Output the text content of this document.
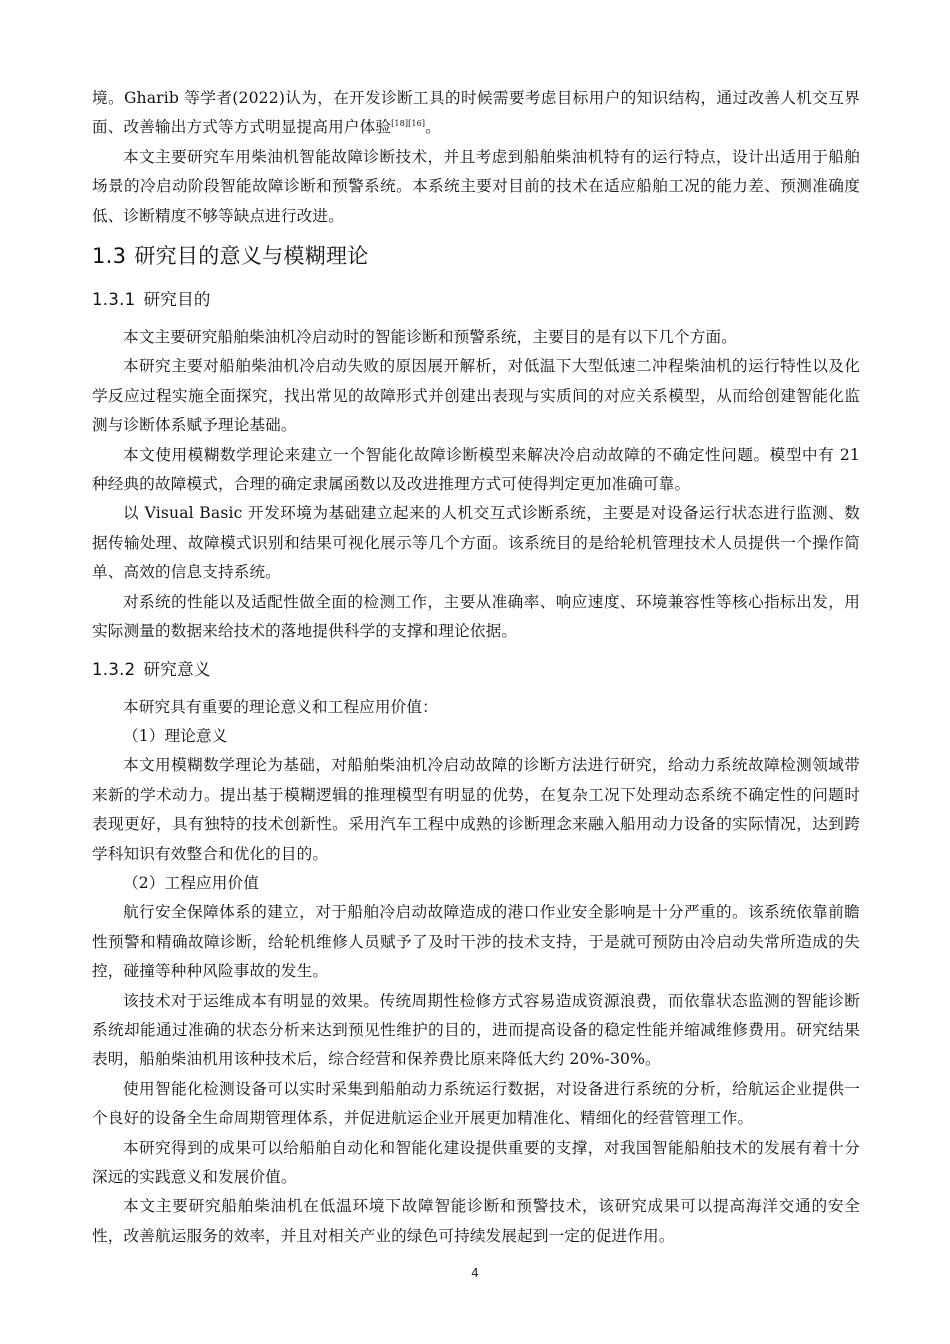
境。Gharib 等学者(2022)认为，在开发诊断工具的时候需要考虑目标用户的知识结构，通过改善人机交互界面、改善输出方式等方式明显提高用户体验[18][16]。

本文主要研究车用柴油机智能故障诊断技术，并且考虑到船舶柴油机特有的运行特点，设计出适用于船舶场景的冷启动阶段智能故障诊断和预警系统。本系统主要对目前的技术在适应船舶工况的能力差、预测准确度低、诊断精度不够等缺点进行改进。

1.3 研究目的意义与模糊理论
1.3.1 研究目的

本文主要研究船舶柴油机冷启动时的智能诊断和预警系统，主要目的是有以下几个方面。

本研究主要对船舶柴油机冷启动失败的原因展开解析，对低温下大型低速二冲程柴油机的运行特性以及化学反应过程实施全面探究，找出常见的故障形式并创建出表现与实质间的对应关系模型，从而给创建智能化监测与诊断体系赋予理论基础。

本文使用模糊数学理论来建立一个智能化故障诊断模型来解决冷启动故障的不确定性问题。模型中有 21 种经典的故障模式，合理的确定隶属函数以及改进推理方式可使得判定更加准确可靠。

以 Visual Basic 开发环境为基础建立起来的人机交互式诊断系统，主要是对设备运行状态进行监测、数据传输处理、故障模式识别和结果可视化展示等几个方面。该系统目的是给轮机管理技术人员提供一个操作简单、高效的信息支持系统。

对系统的性能以及适配性做全面的检测工作，主要从准确率、响应速度、环境兼容性等核心指标出发，用实际测量的数据来给技术的落地提供科学的支撑和理论依据。

1.3.2 研究意义

本研究具有重要的理论意义和工程应用价值：

（1）理论意义

本文用模糊数学理论为基础，对船舶柴油机冷启动故障的诊断方法进行研究，给动力系统故障检测领域带来新的学术动力。提出基于模糊逻辑的推理模型有明显的优势，在复杂工况下处理动态系统不确定性的问题时表现更好，具有独特的技术创新性。采用汽车工程中成熟的诊断理念来融入船用动力设备的实际情况，达到跨学科知识有效整合和优化的目的。

（2）工程应用价值

航行安全保障体系的建立，对于船舶冷启动故障造成的港口作业安全影响是十分严重的。该系统依靠前瞻性预警和精确故障诊断，给轮机维修人员赋予了及时干涉的技术支持，于是就可预防由冷启动失常所造成的失控，碰撞等种种风险事故的发生。

该技术对于运维成本有明显的效果。传统周期性检修方式容易造成资源浪费，而依靠状态监测的智能诊断系统却能通过准确的状态分析来达到预见性维护的目的，进而提高设备的稳定性能并缩减维修费用。研究结果表明，船舶柴油机用该种技术后，综合经营和保养费比原来降低大约 20%-30%。

使用智能化检测设备可以实时采集到船舶动力系统运行数据，对设备进行系统的分析，给航运企业提供一个良好的设备全生命周期管理体系，并促进航运企业开展更加精准化、精细化的经营管理工作。

本研究得到的成果可以给船舶自动化和智能化建设提供重要的支撑，对我国智能船舶技术的发展有着十分深远的实践意义和发展价值。

本文主要研究船舶柴油机在低温环境下故障智能诊断和预警技术，该研究成果可以提高海洋交通的安全性，改善航运服务的效率，并且对相关产业的绿色可持续发展起到一定的促进作用。

4
